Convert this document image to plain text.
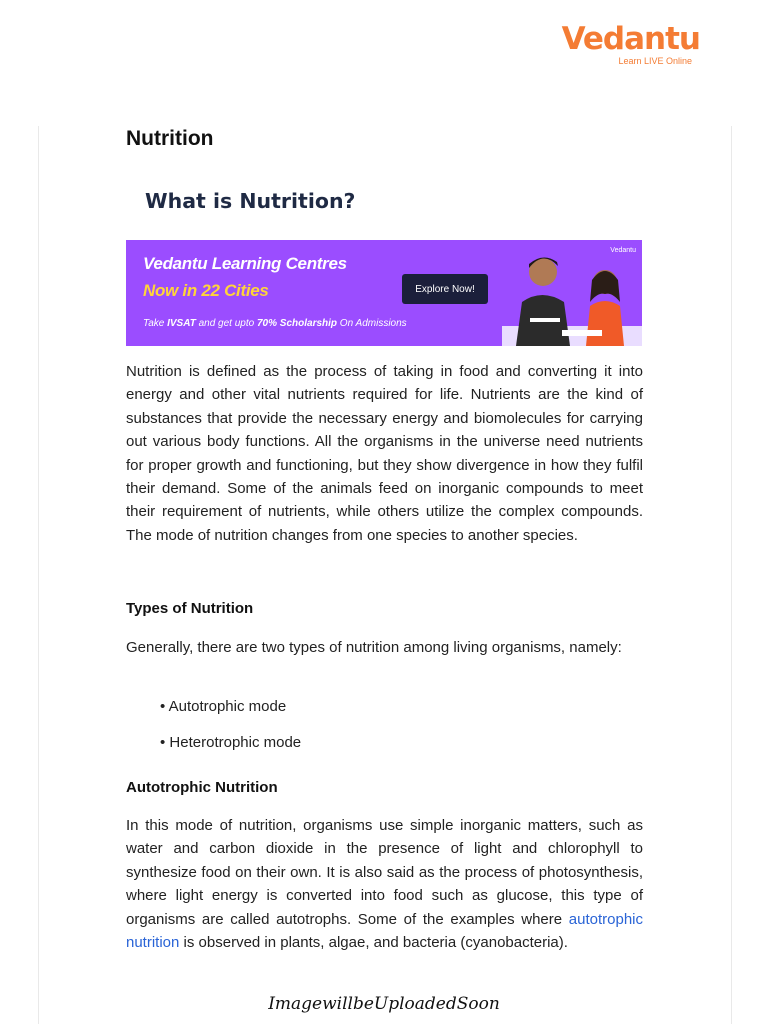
Vedantu
Learn LIVE Online
Nutrition
What is Nutrition?
Vedantu Learning Centres
Now in 22 Cities
Take IVSAT and get upto 70% Scholarship On Admissions
Explore Now!
Vedantu

Nutrition is defined as the process of taking in food and converting it into energy and other vital nutrients required for life. Nutrients are the kind of substances that provide the necessary energy and biomolecules for carrying out various body functions. All the organisms in the universe need nutrients for proper growth and functioning, but they show divergence in how they fulfil their demand. Some of the animals feed on inorganic compounds to meet their requirement of nutrients, while others utilize the complex compounds. The mode of nutrition changes from one species to another species.

Types of Nutrition

Generally, there are two types of nutrition among living organisms, namely:

• Autotrophic mode

• Heterotrophic mode

Autotrophic Nutrition

In this mode of nutrition, organisms use simple inorganic matters, such as water and carbon dioxide in the presence of light and chlorophyll to synthesize food on their own. It is also said as the process of photosynthesis, where light energy is converted into food such as glucose, this type of organisms are called autotrophs. Some of the examples where autotrophic nutrition is observed in plants, algae, and bacteria (cyanobacteria).

ImagewillbeUploadedSoon
